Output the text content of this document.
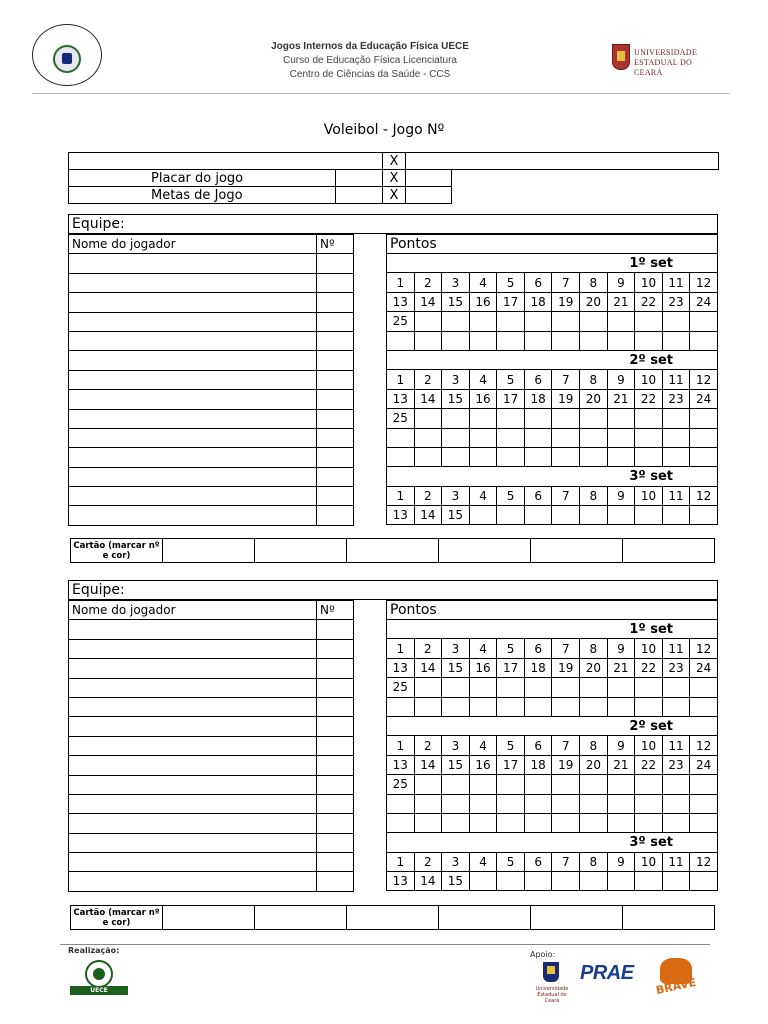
Jogos Internos da Educação Física UECE
Curso de Educação Física Licenciatura
Centro de Ciências da Saúde - CCS
UNIVERSIDADE
ESTADUAL DO CEARÁ
Voleibol - Jogo Nº
		X		
Placar do jogo		X		
Metas de Jogo		X		
Equipe:
Nome do jogador	Nº

		Pontos
1º set											
1	2	3	4	5	6	7	8	9	10	11	12
13	14	15	16	17	18	19	20	21	22	23	24
25											

2º set											
1	2	3	4	5	6	7	8	9	10	11	12
13	14	15	16	17	18	19	20	21	22	23	24
25											

3º set											
1	2	3	4	5	6	7	8	9	10	11	12
13	14	15									
Cartão (marcar nº e cor)						
Equipe:
Nome do jogador	Nº

		Pontos
1º set											
1	2	3	4	5	6	7	8	9	10	11	12
13	14	15	16	17	18	19	20	21	22	23	24
25											

2º set											
1	2	3	4	5	6	7	8	9	10	11	12
13	14	15	16	17	18	19	20	21	22	23	24
25											

3º set											
1	2	3	4	5	6	7	8	9	10	11	12
13	14	15									
Cartão (marcar nº e cor)						
Realização:
UECE
Apoio:
Universidade Estadual do Ceará
PRAE
BRAVE
